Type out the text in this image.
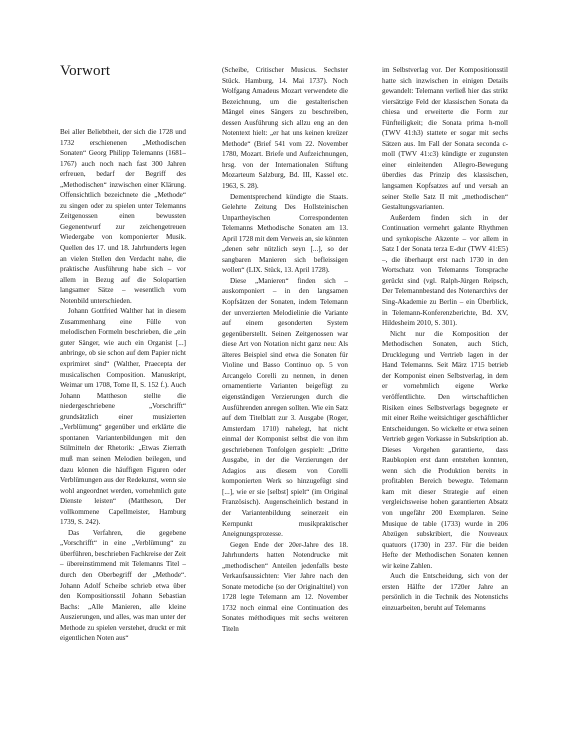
Vorwort

Bei aller Beliebtheit, der sich die 1728 und 1732 erschienenen „Methodischen Sonaten“ Georg Philipp Telemanns (1681–1767) auch noch nach fast 300 Jahren erfreuen, bedarf der Begriff des „Methodischen“ inzwischen einer Klärung. Offensichtlich bezeichnete die „Methode“ zu singen oder zu spielen unter Telemanns Zeitgenossen einen bewussten Gegenentwurf zur zeichengetreuen Wiedergabe von komponierter Musik. Quellen des 17. und 18. Jahrhunderts legen an vielen Stellen den Verdacht nahe, die praktische Ausführung habe sich – vor allem in Bezug auf die Solopartien langsamer Sätze – wesentlich vom Notenbild unterschieden.

Johann Gottfried Walther hat in diesem Zusammenhang eine Fülle von melodischen Formeln beschrieben, die „ein guter Sänger, wie auch ein Organist [...] anbringe, ob sie schon auf dem Papier nicht exprimiret sind“ (Walther, Praecepta der musicalischen Composition. Manuskript, Weimar um 1708, Tome II, S. 152 f.). Auch Johann Mattheson stellte die niedergeschriebene „Vorschrifft“ grundsätzlich einer musizierten „Verblümung“ gegenüber und erklärte die spontanen Variantenbildungen mit den Stilmitteln der Rhetorik: „Etwas Zierrath muß man seinen Melodien beilegen, und dazu können die häuffigen Figuren oder Verblümungen aus der Redekunst, wenn sie wohl angeordnet werden, vornehmlich gute Dienste leisten“ (Mattheson, Der vollkommene Capellmeister, Hamburg 1739, S. 242).

Das Verfahren, die gegebene „Vorschrifft“ in eine „Verblümung“ zu überführen, beschrieben Fachkreise der Zeit – übereinstimmend mit Telemanns Titel – durch den Oberbegriff der „Methode“. Johann Adolf Scheibe schrieb etwa über den Kompositionsstil Johann Sebastian Bachs: „Alle Manieren, alle kleine Auszierungen, und alles, was man unter der Methode zu spielen verstehet, druckt er mit eigentlichen Noten aus“

(Scheibe, Critischer Musicus. Sechster Stück. Hamburg, 14. Mai 1737). Noch Wolfgang Amadeus Mozart verwendete die Bezeichnung, um die gestalterischen Mängel eines Sängers zu beschreiben, dessen Ausführung sich allzu eng an den Notentext hielt: „er hat uns keinen kreüzer Methode“ (Brief 541 vom 22. November 1780, Mozart. Briefe und Aufzeichnungen, hrsg. von der Internationalen Stiftung Mozarteum Salzburg, Bd. III, Kassel etc. 1963, S. 28).

Dementsprechend kündigte die Staats. Gelehrte Zeitung Des Hollsteinischen Unpartheyischen Correspondenten Telemanns Methodische Sonaten am 13. April 1728 mit dem Verweis an, sie könnten „denen sehr nützlich seyn [...], so der sangbaren Manieren sich befleissigen wollen“ (LIX. Stück, 13. April 1728).

Diese „Manieren“ finden sich – auskomponiert – in den langsamen Kopfsätzen der Sonaten, indem Telemann der unverzierten Melodielinie die Variante auf einem gesonderten System gegenüberstellt. Seinen Zeitgenossen war diese Art von Notation nicht ganz neu: Als älteres Beispiel sind etwa die Sonaten für Violine und Basso Continuo op. 5 von Arcangelo Corelli zu nennen, in denen ornamentierte Varianten beigefügt zu eigenständigen Verzierungen durch die Ausführenden anregen sollten. Wie ein Satz auf dem Titelblatt zur 3. Ausgabe (Roger, Amsterdam 1710) nahelegt, hat nicht einmal der Komponist selbst die von ihm geschriebenen Tonfolgen gespielt: „Dritte Ausgabe, in der die Verzierungen der Adagios aus diesem von Corelli komponierten Werk so hinzugefügt sind [...], wie er sie [selbst] spielt“ (im Original Französisch). Augenscheinlich bestand in der Variantenbildung seinerzeit ein Kernpunkt musikpraktischer Aneignungsprozesse.

Gegen Ende der 20er-Jahre des 18. Jahrhunderts hatten Notendrucke mit „methodischen“ Anteilen jedenfalls beste Verkaufsaussichten: Vier Jahre nach den Sonate metodiche (so der Originaltitel) von 1728 legte Telemann am 12. November 1732 noch einmal eine Continuation des Sonates méthodiques mit sechs weiteren Titeln

im Selbstverlag vor. Der Kompositionsstil hatte sich inzwischen in einigen Details gewandelt: Telemann verließ hier das strikt viersätzige Feld der klassischen Sonata da chiesa und erweiterte die Form zur Fünfteiligkeit; die Sonata prima h-moll (TWV 41:h3) stattete er sogar mit sechs Sätzen aus. Im Fall der Sonata seconda c-moll (TWV 41:c3) kündigte er zugunsten einer einleitenden Allegro-Bewegung überdies das Prinzip des klassischen, langsamen Kopfsatzes auf und versah an seiner Stelle Satz II mit „methodischen“ Gestaltungsvarianten.

Außerdem finden sich in der Continuation vermehrt galante Rhythmen und synkopische Akzente – vor allem in Satz I der Sonata terza E-dur (TWV 41:E5) –, die überhaupt erst nach 1730 in den Wortschatz von Telemanns Tonsprache gerückt sind (vgl. Ralph-Jürgen Reipsch, Der Telemannbestand des Notenarchivs der Sing-Akademie zu Berlin – ein Überblick, in Telemann-Konferenzberichte, Bd. XV, Hildesheim 2010, S. 301).

Nicht nur die Komposition der Methodischen Sonaten, auch Stich, Drucklegung und Vertrieb lagen in der Hand Telemanns. Seit März 1715 betrieb der Komponist einen Selbstverlag, in dem er vornehmlich eigene Werke veröffentlichte. Den wirtschaftlichen Risiken eines Selbstverlags begegnete er mit einer Reihe weitsichtiger geschäftlicher Entscheidungen. So wickelte er etwa seinen Vertrieb gegen Vorkasse in Subskription ab. Dieses Vorgehen garantierte, dass Raubkopien erst dann entstehen konnten, wenn sich die Produktion bereits in profitablen Bereich bewegte. Telemann kam mit dieser Strategie auf einen vergleichsweise hohen garantierten Absatz von ungefähr 200 Exemplaren. Seine Musique de table (1733) wurde in 206 Abzügen subskribiert, die Nouveaux quatuors (1730) in 237. Für die beiden Hefte der Methodischen Sonaten kennen wir keine Zahlen.

Auch die Entscheidung, sich von der ersten Hälfte der 1720er Jahre an persönlich in die Technik des Notenstichs einzuarbeiten, beruht auf Telemanns
